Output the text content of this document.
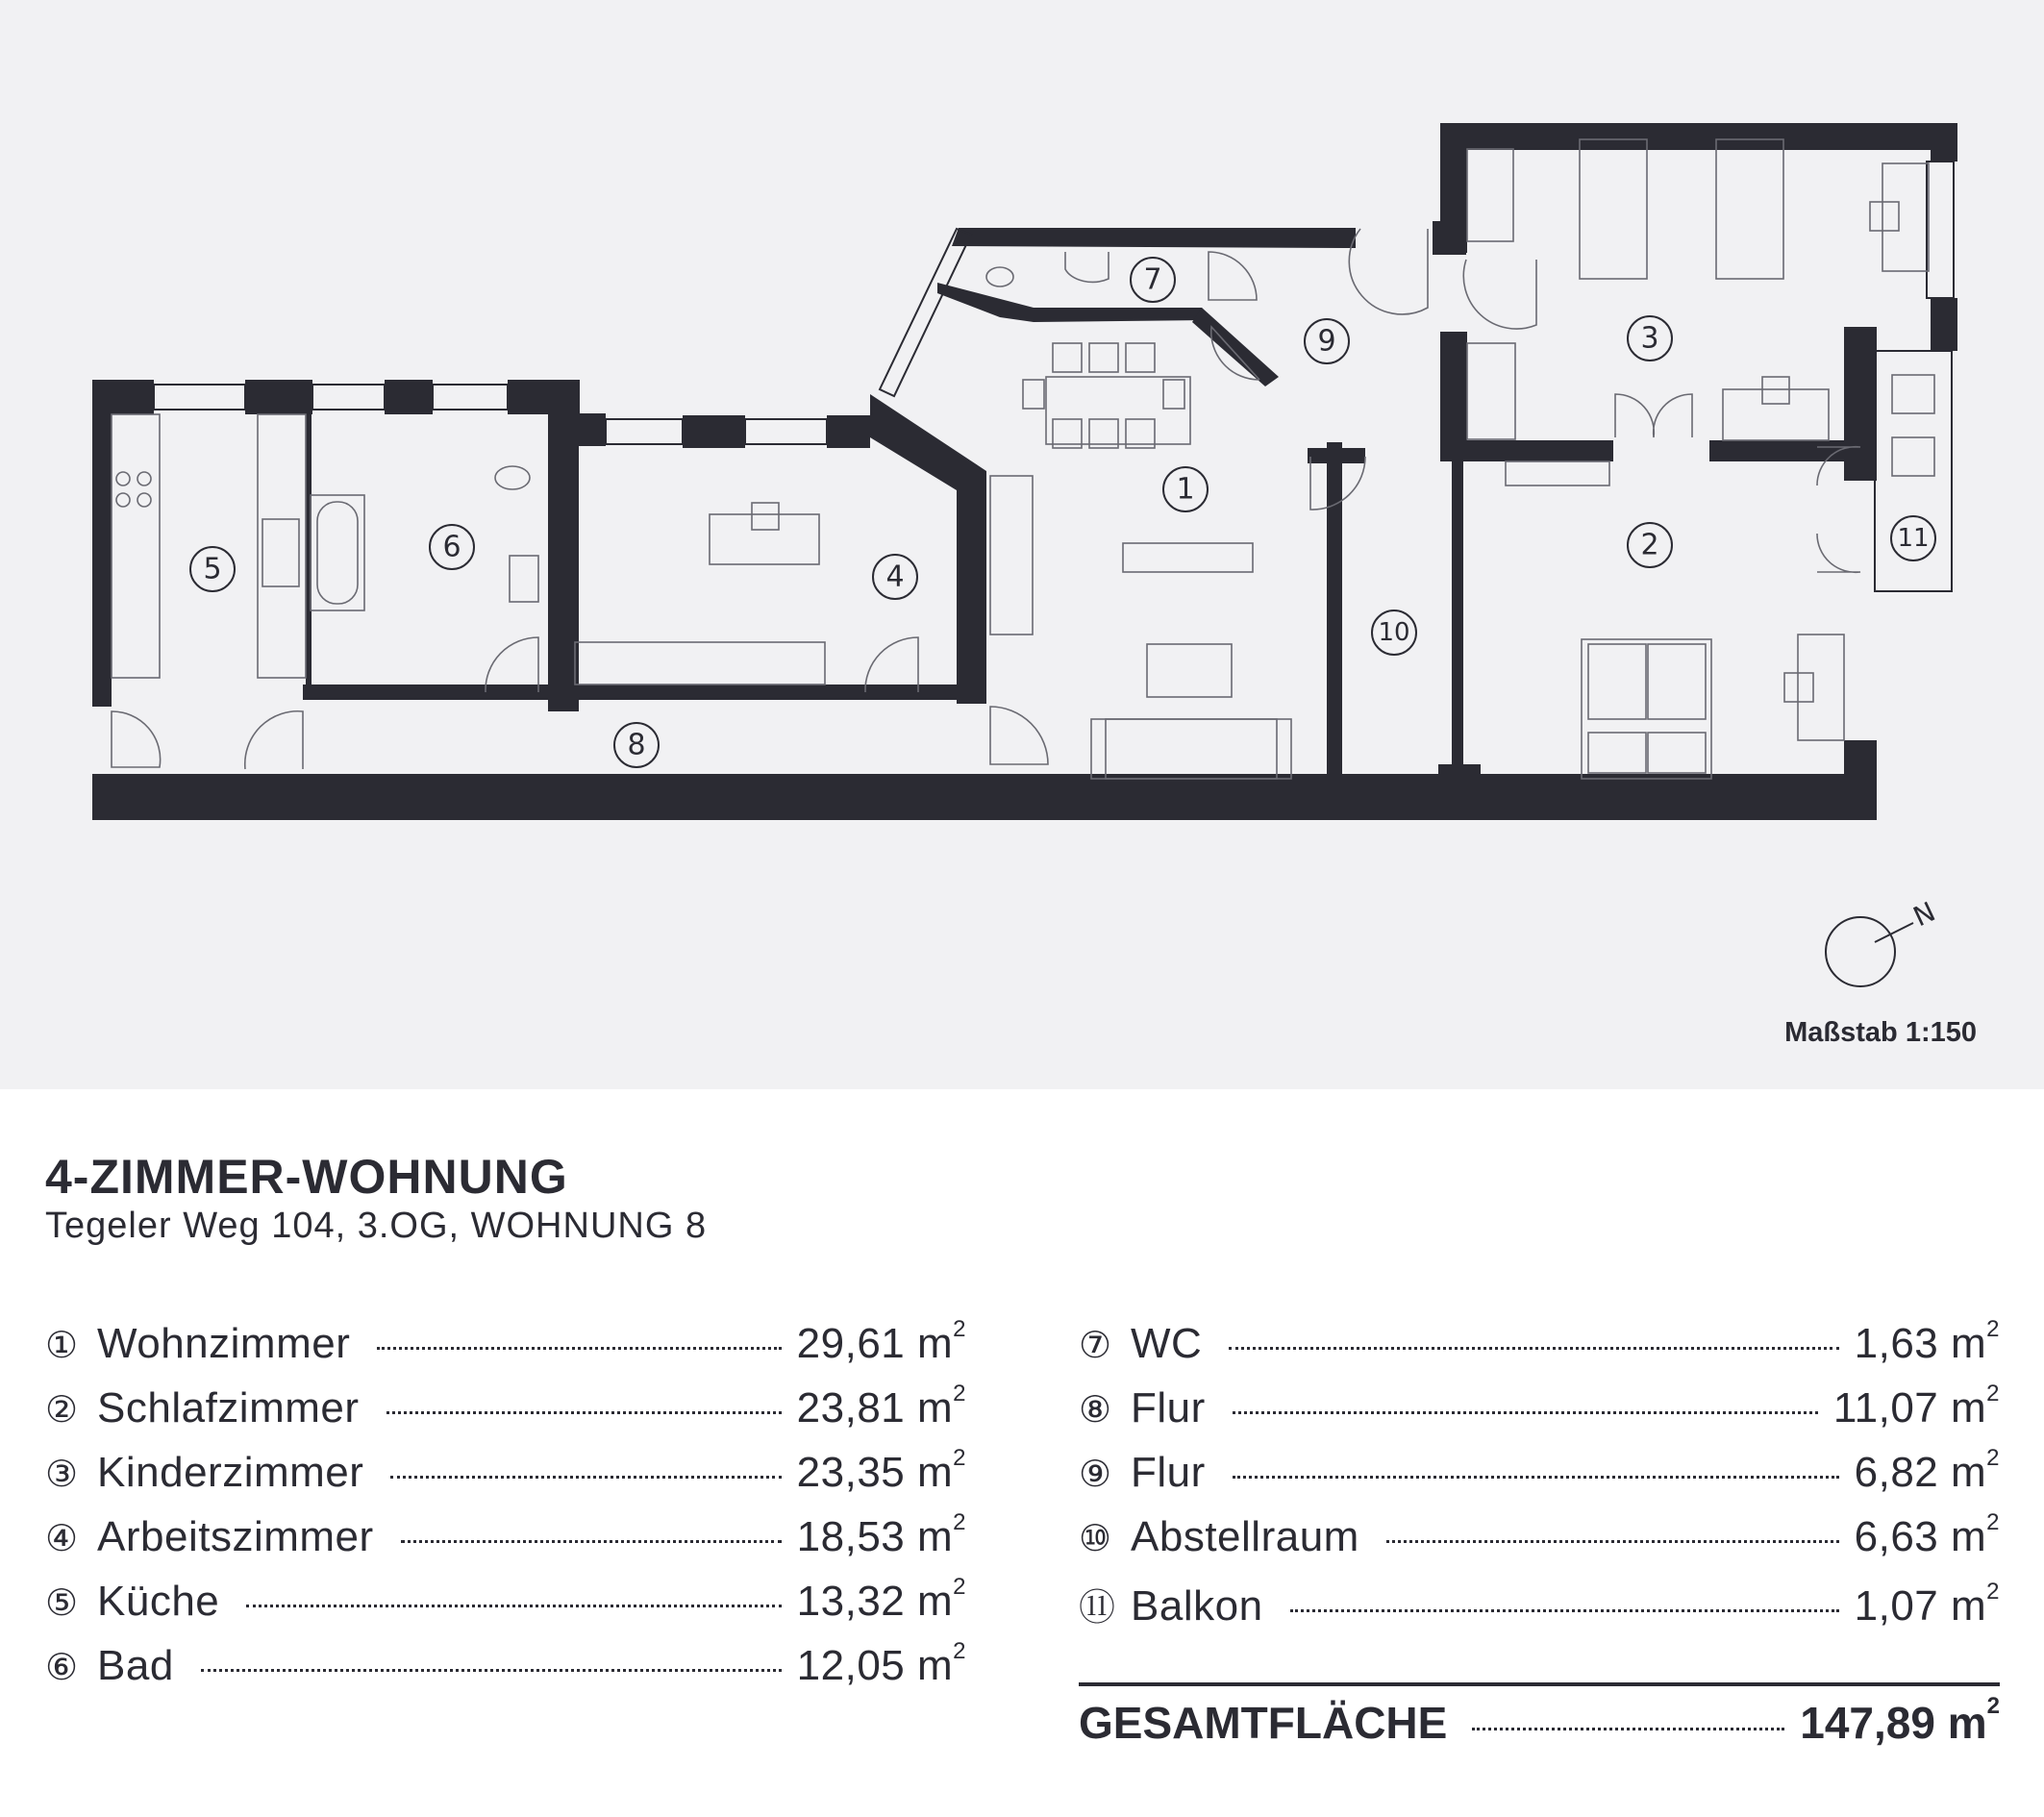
1
2
3
4
5
6
7
8
9
10
11
N
Maßstab 1:150
4-ZIMMER-WOHNUNG
Tegeler Weg 104, 3.OG, WOHNUNG 8
① Wohnzimmer	29,61 $m^2$
② Schlafzimmer	23,81 $m^2$
③ Kinderzimmer	23,35 $m^2$
④ Arbeitszimmer	18,53 $m^2$
⑤ Küche	13,32 $m^2$
⑥ Bad	12,05 $m^2$
⑦ WC	1,63 $m^2$
⑧ Flur	11,07 $m^2$
⑨ Flur	6,82 $m^2$
⑩ Abstellraum	6,63 $m^2$
⑪ Balkon	1,07 $m^2$
GESAMTFLÄCHE	147,89 $m^2$
